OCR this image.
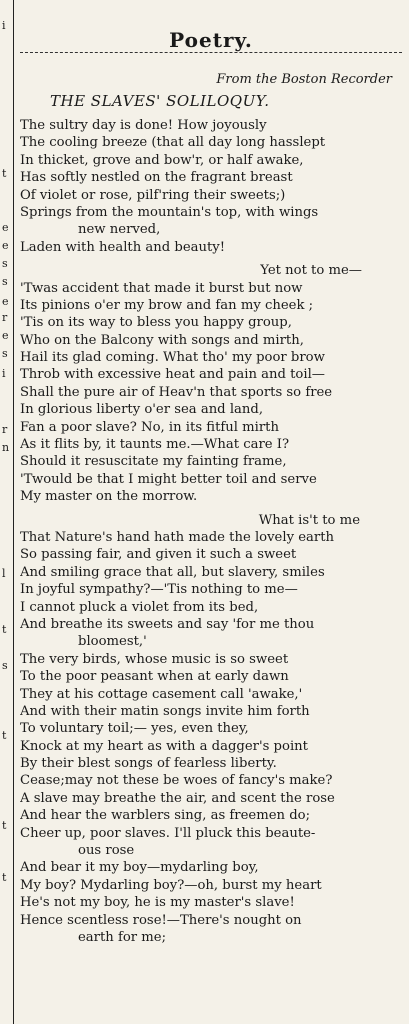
i
t
e
e
s
s
e
r
e
s
i
r
n
l
t
s
t
t
t
Poetry.
From the Boston Recorder
THE SLAVES' SOLILOQUY.
The sultry day is done! How joyously
The cooling breeze (that all day long hasslept
In thicket, grove and bow'r, or half awake,
Has softly nestled on the fragrant breast
Of violet or rose, pilf'ring their sweets;)
Springs from the mountain's top, with wings
new nerved,
Laden with health and beauty!
Yet not to me—
'Twas accident that made it burst but now
Its pinions o'er my brow and fan my cheek ;
'Tis on its way to bless you happy group,
Who on the Balcony with songs and mirth,
Hail its glad coming. What tho' my poor brow
Throb with excessive heat and pain and toil—
Shall the pure air of Heav'n that sports so free
In glorious liberty o'er sea and land,
Fan a poor slave? No, in its fitful mirth
As it flits by, it taunts me.—What care I?
Should it resuscitate my fainting frame,
'Twould be that I might better toil and serve
My master on the morrow.
What is't to me
That Nature's hand hath made the lovely earth
So passing fair, and given it such a sweet
And smiling grace that all, but slavery, smiles
In joyful sympathy?—'Tis nothing to me—
I cannot pluck a violet from its bed,
And breathe its sweets and say 'for me thou
bloomest,'
The very birds, whose music is so sweet
To the poor peasant when at early dawn
They at his cottage casement call 'awake,'
And with their matin songs invite him forth
To voluntary toil;— yes, even they,
Knock at my heart as with a dagger's point
By their blest songs of fearless liberty.
Cease;may not these be woes of fancy's make?
A slave may breathe the air, and scent the rose
And hear the warblers sing, as freemen do;
Cheer up, poor slaves. I'll pluck this beaute-
ous rose
And bear it my boy—mydarling boy,
My boy? Mydarling boy?—oh, burst my heart
He's not my boy, he is my master's slave!
Hence scentless rose!—There's nought on
earth for me;
